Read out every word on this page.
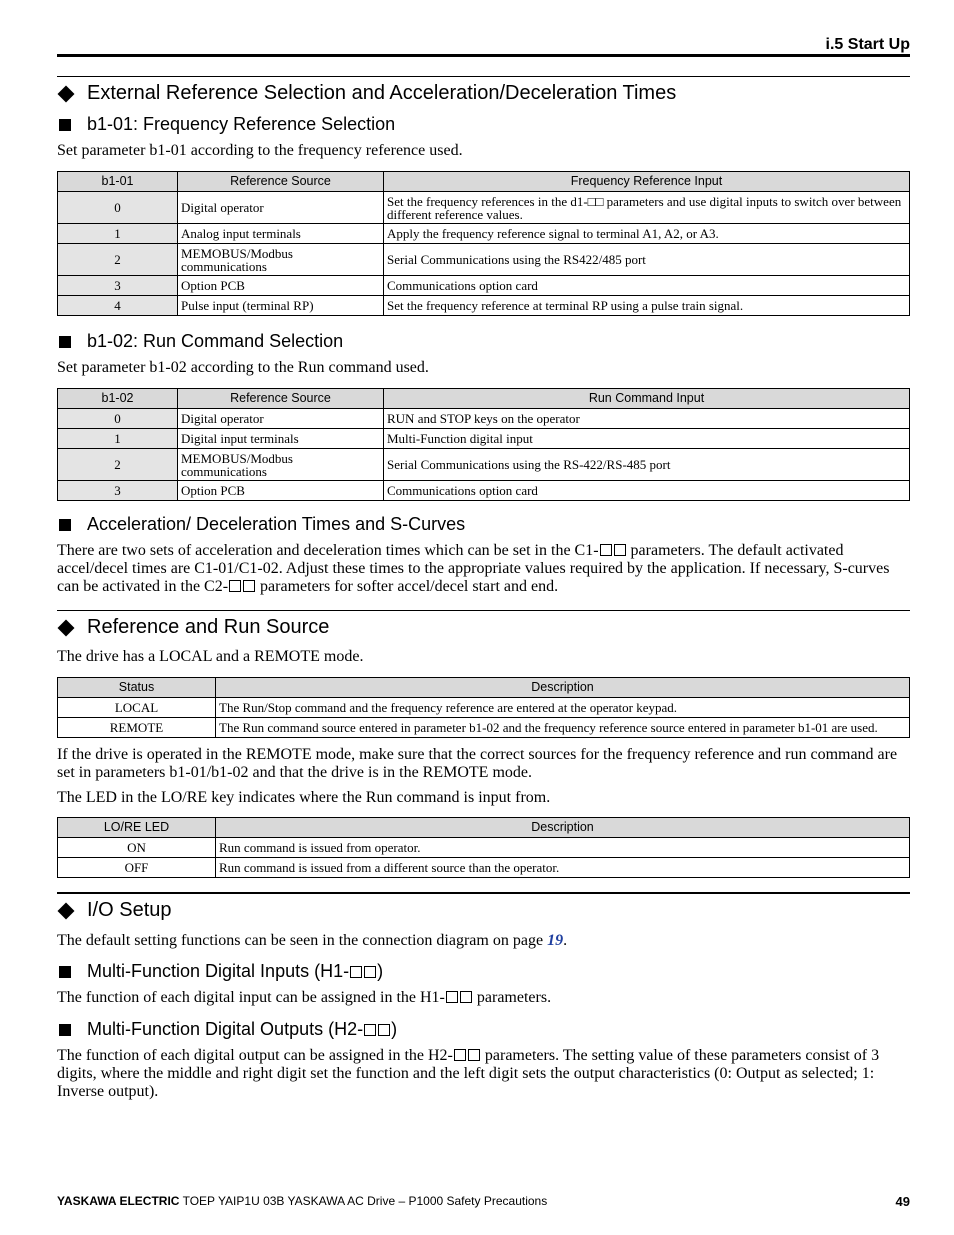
i.5 Start Up
External Reference Selection and Acceleration/Deceleration Times
b1-01: Frequency Reference Selection
Set parameter b1-01 according to the frequency reference used.
b1-01	Reference Source	Frequency Reference Input
0	Digital operator	Set the frequency references in the d1-□□ parameters and use digital inputs to switch over between different reference values.
1	Analog input terminals	Apply the frequency reference signal to terminal A1, A2, or A3.
2	MEMOBUS/Modbus communications	Serial Communications using the RS422/485 port
3	Option PCB	Communications option card
4	Pulse input (terminal RP)	Set the frequency reference at terminal RP using a pulse train signal.
b1-02: Run Command Selection
Set parameter b1-02 according to the Run command used.
b1-02	Reference Source	Run Command Input
0	Digital operator	RUN and STOP keys on the operator
1	Digital input terminals	Multi-Function digital input
2	MEMOBUS/Modbus communications	Serial Communications using the RS-422/RS-485 port
3	Option PCB	Communications option card
Acceleration/ Deceleration Times and S-Curves
There are two sets of acceleration and deceleration times which can be set in the C1- parameters. The default activated accel/decel times are C1-01/C1-02. Adjust these times to the appropriate values required by the application. If necessary, S-curves can be activated in the C2- parameters for softer accel/decel start and end.
Reference and Run Source
The drive has a LOCAL and a REMOTE mode.
Status	Description
LOCAL	The Run/Stop command and the frequency reference are entered at the operator keypad.
REMOTE	The Run command source entered in parameter b1-02 and the frequency reference source entered in parameter b1-01 are used.
If the drive is operated in the REMOTE mode, make sure that the correct sources for the frequency reference and run command are set in parameters b1-01/b1-02 and that the drive is in the REMOTE mode.
The LED in the LO/RE key indicates where the Run command is input from.
LO/RE LED	Description
ON	Run command is issued from operator.
OFF	Run command is issued from a different source than the operator.
I/O Setup
The default setting functions can be seen in the connection diagram on page 19.
Multi-Function Digital Inputs (H1- )
The function of each digital input can be assigned in the H1- parameters.
Multi-Function Digital Outputs (H2- )
The function of each digital output can be assigned in the H2- parameters. The setting value of these parameters consist of 3 digits, where the middle and right digit set the function and the left digit sets the output characteristics (0: Output as selected; 1: Inverse output).
YASKAWA ELECTRIC TOEP YAIP1U 03B YASKAWA AC Drive – P1000 Safety Precautions	49
